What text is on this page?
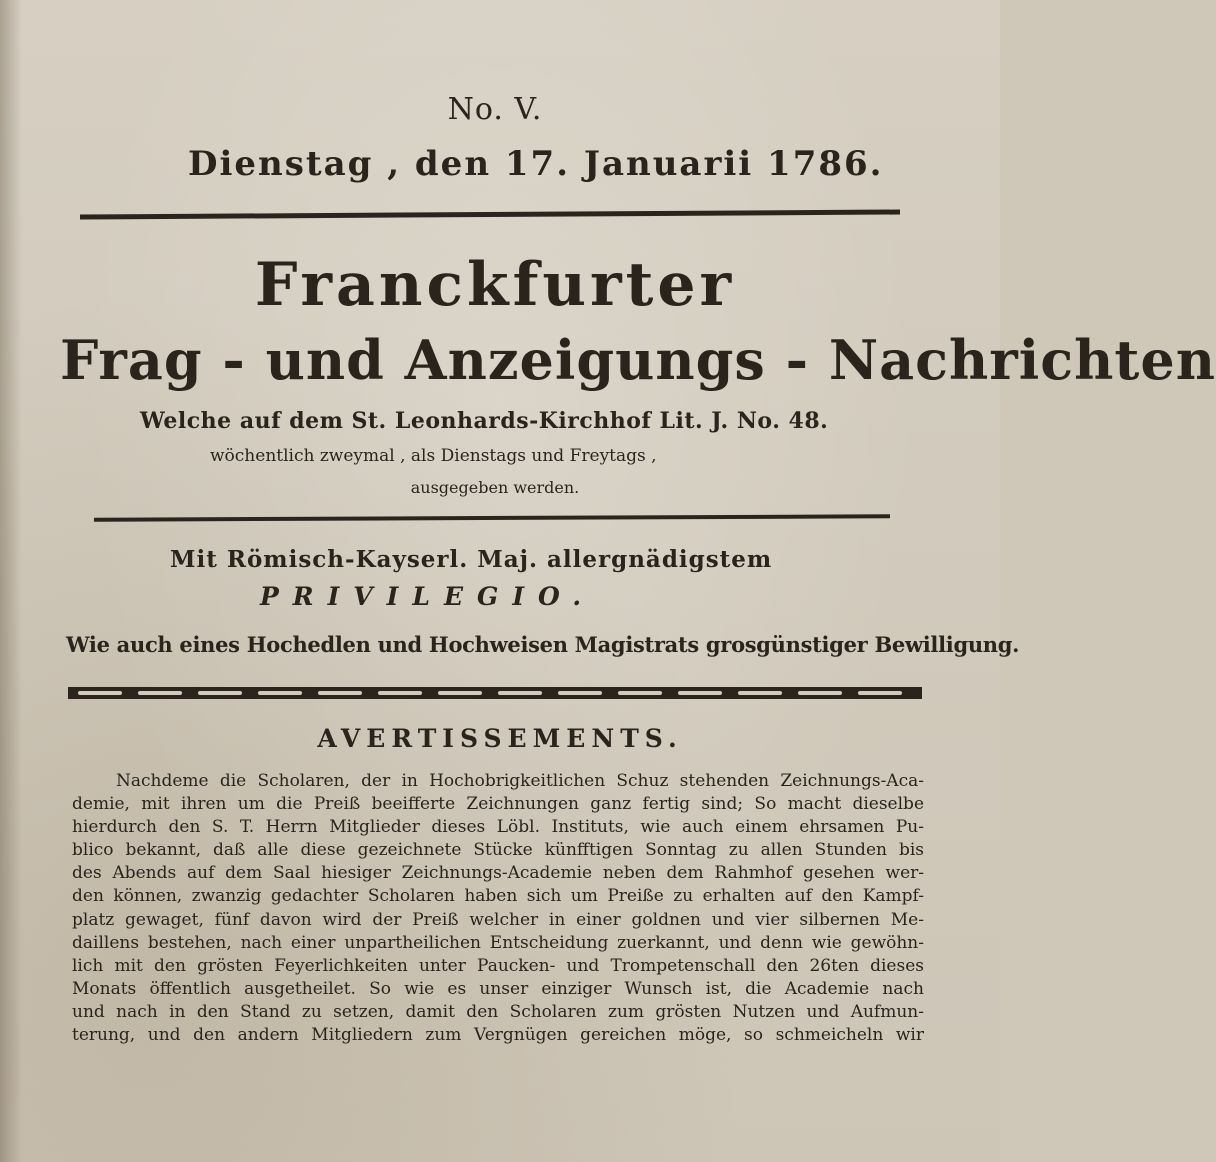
No. V.
Dienstag , den 17. Januarii 1786.
Franckfurter
Frag - und Anzeigungs - Nachrichten
Welche auf dem St. Leonhards-Kirchhof Lit. J. No. 48.
wöchentlich zweymal , als Dienstags und Freytags ,
ausgegeben werden.
Mit Römisch-Kayserl. Maj. allergnädigstem
PRIVILEGIO.
Wie auch eines Hochedlen und Hochweisen Magistrats grosgünstiger Bewilligung.
AVERTISSEMENTS.
Nachdeme die Scholaren, der in Hochobrigkeitlichen Schuz stehenden Zeichnungs-Aca-
demie, mit ihren um die Preiß beeifferte Zeichnungen ganz fertig sind; So macht dieselbe
hierdurch den S. T. Herrn Mitglieder dieses Löbl. Instituts, wie auch einem ehrsamen Pu-
blico bekannt, daß alle diese gezeichnete Stücke künfftigen Sonntag zu allen Stunden bis
des Abends auf dem Saal hiesiger Zeichnungs-Academie neben dem Rahmhof gesehen wer-
den können, zwanzig gedachter Scholaren haben sich um Preiße zu erhalten auf den Kampf-
platz gewaget, fünf davon wird der Preiß welcher in einer goldnen und vier silbernen Me-
daillens bestehen, nach einer unpartheilichen Entscheidung zuerkannt, und denn wie gewöhn-
lich mit den grösten Feyerlichkeiten unter Paucken- und Trompetenschall den 26ten dieses
Monats öffentlich ausgetheilet. So wie es unser einziger Wunsch ist, die Academie nach
und nach in den Stand zu setzen, damit den Scholaren zum grösten Nutzen und Aufmun-
terung, und den andern Mitgliedern zum Vergnügen gereichen möge, so schmeicheln wir
